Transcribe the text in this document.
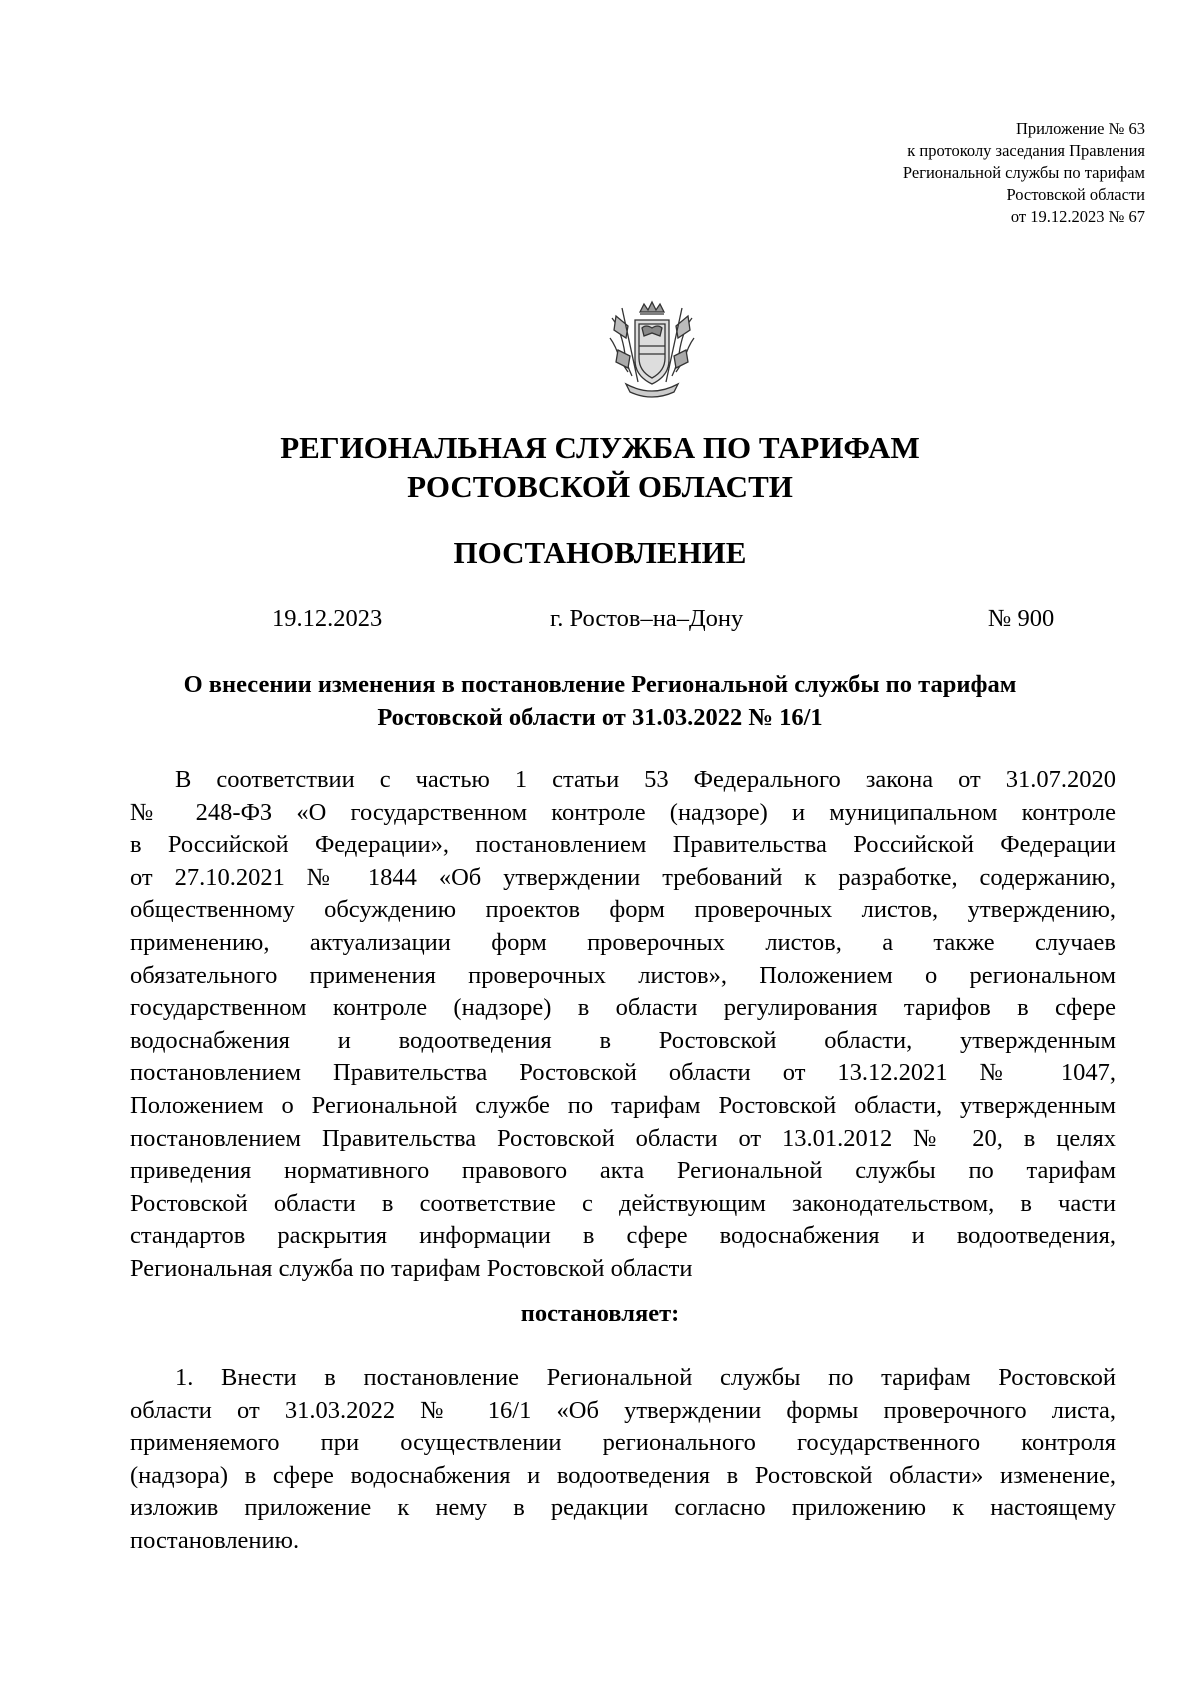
Приложение № 63
к протоколу заседания Правления
Региональной службы по тарифам
Ростовской области
от 19.12.2023 № 67
РЕГИОНАЛЬНАЯ СЛУЖБА ПО ТАРИФАМ
РОСТОВСКОЙ ОБЛАСТИ
ПОСТАНОВЛЕНИЕ
19.12.2023	г. Ростов–на–Дону	№ 900
О внесении изменения в постановление Региональной службы по тарифам
Ростовской области от 31.03.2022 № 16/1
В соответствии с частью 1 статьи 53 Федерального закона от 31.07.2020
№ 248-ФЗ «О государственном контроле (надзоре) и муниципальном контроле
в Российской Федерации», постановлением Правительства Российской Федерации
от 27.10.2021 № 1844 «Об утверждении требований к разработке, содержанию,
общественному обсуждению проектов форм проверочных листов, утверждению,
применению, актуализации форм проверочных листов, а также случаев
обязательного применения проверочных листов», Положением о региональном
государственном контроле (надзоре) в области регулирования тарифов в сфере
водоснабжения и водоотведения в Ростовской области, утвержденным
постановлением Правительства Ростовской области от 13.12.2021 № 1047,
Положением о Региональной службе по тарифам Ростовской области, утвержденным
постановлением Правительства Ростовской области от 13.01.2012 № 20, в целях
приведения нормативного правового акта Региональной службы по тарифам
Ростовской области в соответствие с действующим законодательством, в части
стандартов раскрытия информации в сфере водоснабжения и водоотведения,
Региональная служба по тарифам Ростовской области
постановляет:
1. Внести в постановление Региональной службы по тарифам Ростовской
области от 31.03.2022 № 16/1 «Об утверждении формы проверочного листа,
применяемого при осуществлении регионального государственного контроля
(надзора) в сфере водоснабжения и водоотведения в Ростовской области» изменение,
изложив приложение к нему в редакции согласно приложению к настоящему
постановлению.
